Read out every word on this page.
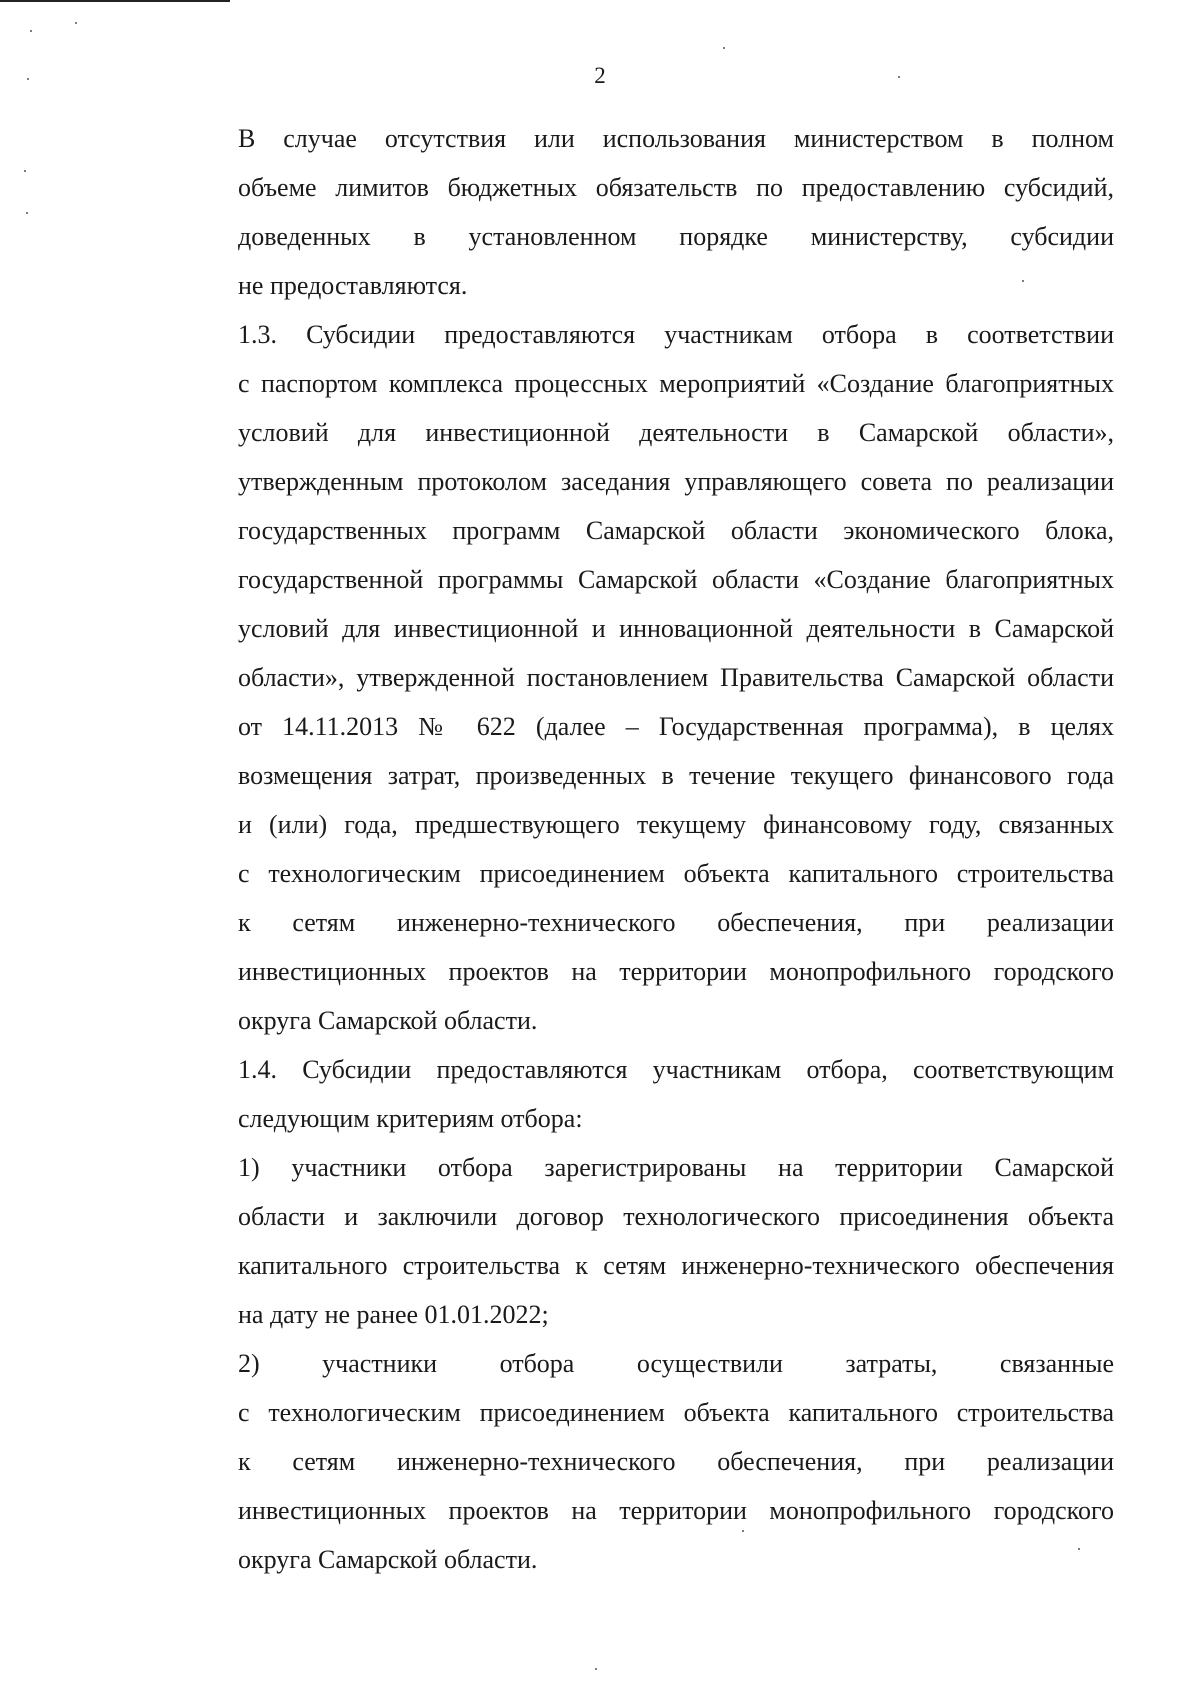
2

В случае отсутствия или использования министерством в полном
объеме лимитов бюджетных обязательств по предоставлению субсидий,
доведенных в установленном порядке министерству, субсидии
не предоставляются.

1.3. Субсидии предоставляются участникам отбора в соответствии
с паспортом комплекса процессных мероприятий «Создание благоприятных
условий для инвестиционной деятельности в Самарской области»,
утвержденным протоколом заседания управляющего совета по реализации
государственных программ Самарской области экономического блока,
государственной программы Самарской области «Создание благоприятных
условий для инвестиционной и инновационной деятельности в Самарской
области», утвержденной постановлением Правительства Самарской области
от 14.11.2013 № 622 (далее – Государственная программа), в целях
возмещения затрат, произведенных в течение текущего финансового года
и (или) года, предшествующего текущему финансовому году, связанных
с технологическим присоединением объекта капитального строительства
к сетям инженерно-технического обеспечения, при реализации
инвестиционных проектов на территории монопрофильного городского
округа Самарской области.

1.4. Субсидии предоставляются участникам отбора, соответствующим
следующим критериям отбора:

1) участники отбора зарегистрированы на территории Самарской
области и заключили договор технологического присоединения объекта
капитального строительства к сетям инженерно-технического обеспечения
на дату не ранее 01.01.2022;

2) участники отбора осуществили затраты, связанные
с технологическим присоединением объекта капитального строительства
к сетям инженерно-технического обеспечения, при реализации
инвестиционных проектов на территории монопрофильного городского
округа Самарской области.
